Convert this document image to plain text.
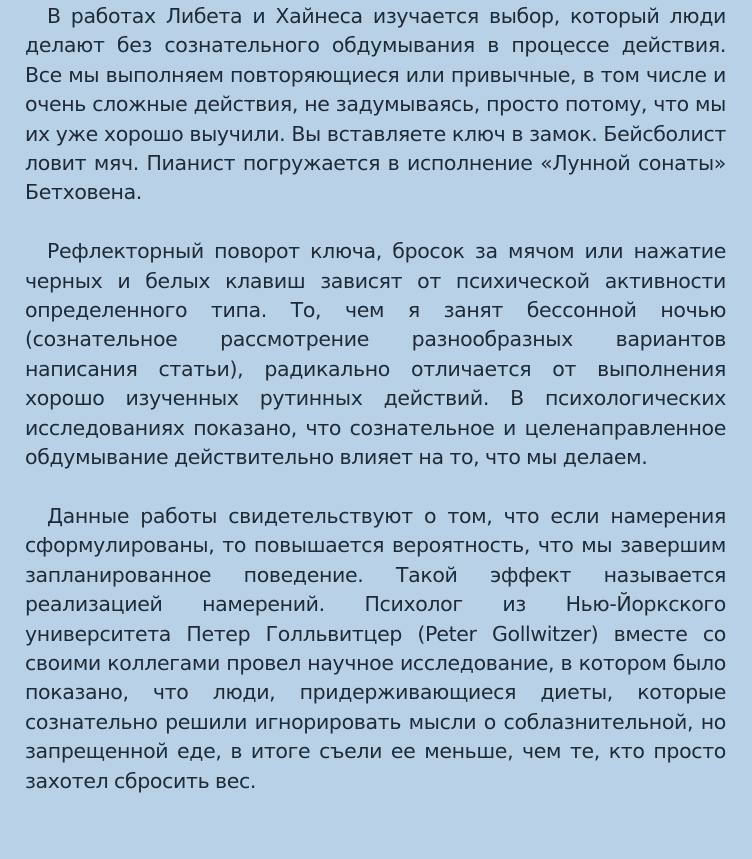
В работах Либета и Хайнеса изучается выбор, который люди делают без сознательного обдумывания в процессе действия. Все мы выполняем повторяющиеся или привычные, в том числе и очень сложные действия, не задумываясь, просто потому, что мы их уже хорошо выучили. Вы вставляете ключ в замок. Бейсболист ловит мяч. Пианист погружается в исполнение «Лунной сонаты» Бетховена.

Рефлекторный поворот ключа, бросок за мячом или нажатие черных и белых клавиш зависят от психической активности определенного типа. То, чем я занят бессонной ночью (сознательное рассмотрение разнообразных вариантов написания статьи), радикально отличается от выполнения хорошо изученных рутинных действий. В психологических исследованиях показано, что сознательное и целенаправленное обдумывание действительно влияет на то, что мы делаем.

Данные работы свидетельствуют о том, что если намерения сформулированы, то повышается вероятность, что мы завершим запланированное поведение. Такой эффект называется реализацией намерений. Психолог из Нью-Йоркского университета Петер Голльвитцер (Peter Gollwitzer) вместе со своими коллегами провел научное исследование, в котором было показано, что люди, придерживающиеся диеты, которые сознательно решили игнорировать мысли о соблазнительной, но запрещенной еде, в итоге съели ее меньше, чем те, кто просто захотел сбросить вес.
